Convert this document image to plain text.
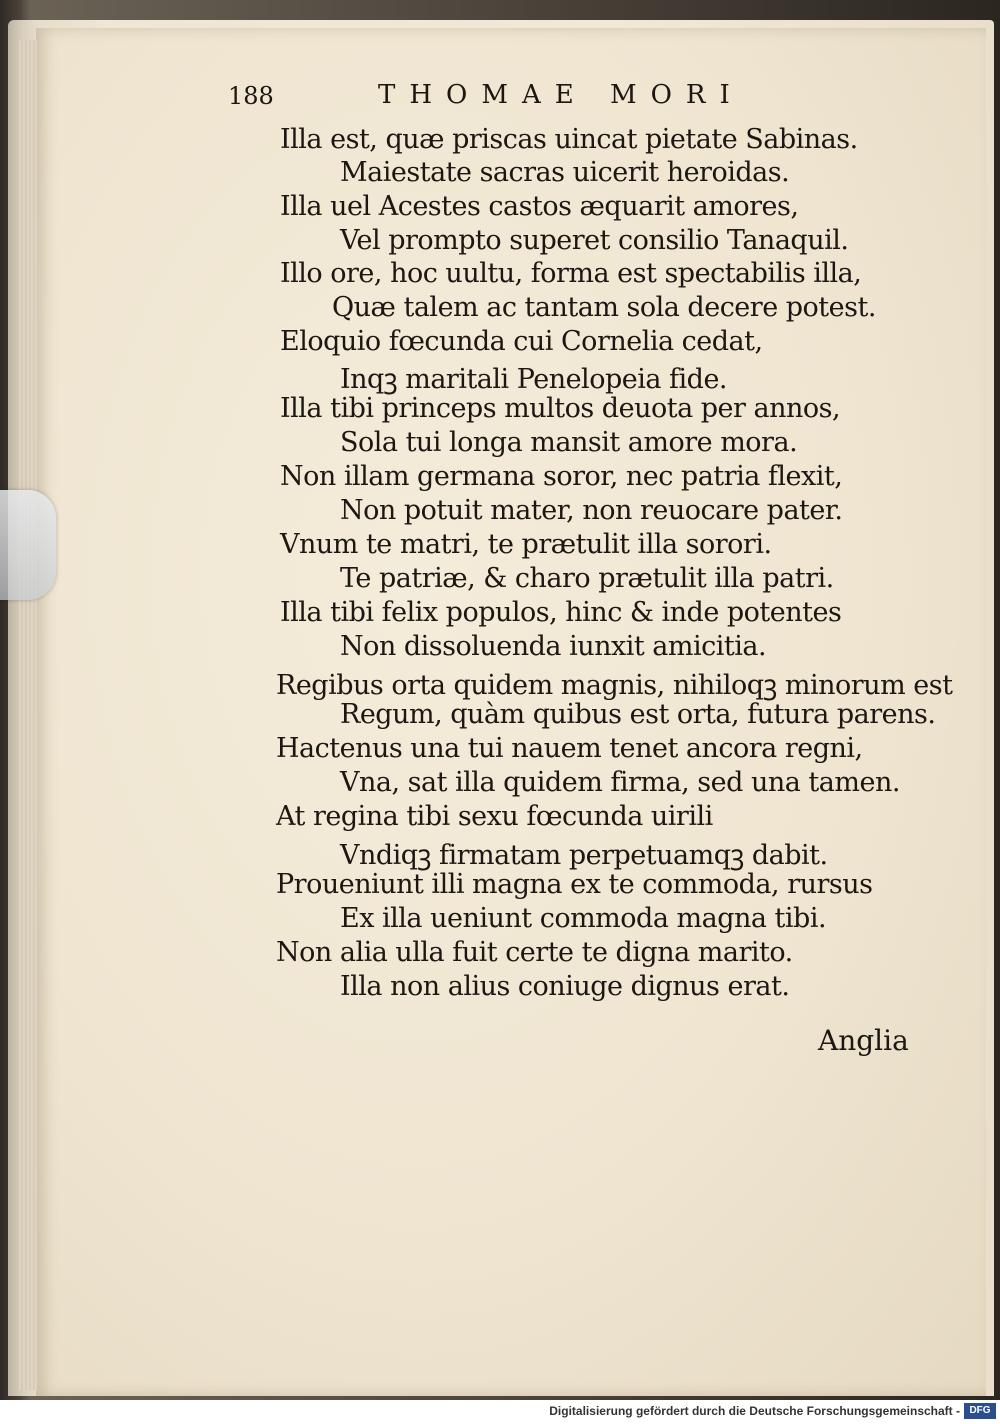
188	THOMAE MORI
Illa est, quæ priscas uincat pietate Sabinas.
Maiestate sacras uicerit heroidas.
Illa uel Acestes castos æquarit amores,
Vel prompto superet consilio Tanaquil.
Illo ore, hoc uultu, forma est spectabilis illa,
Quæ talem ac tantam sola decere potest.
Eloquio fœcunda cui Cornelia cedat,
Inqꝫ maritali Penelopeia fide.
Illa tibi princeps multos deuota per annos,
Sola tui longa mansit amore mora.
Non illam germana soror, nec patria flexit,
Non potuit mater, non reuocare pater.
Vnum te matri, te prætulit illa sorori.
Te patriæ, & charo prætulit illa patri.
Illa tibi felix populos, hinc & inde potentes
Non dissoluenda iunxit amicitia.
Regibus orta quidem magnis, nihiloqꝫ minorum est
Regum, quàm quibus est orta, futura parens.
Hactenus una tui nauem tenet ancora regni,
Vna, sat illa quidem firma, sed una tamen.
At regina tibi sexu fœcunda uirili
Vndiqꝫ firmatam perpetuamqꝫ dabit.
Proueniunt illi magna ex te commoda, rursus
Ex illa ueniunt commoda magna tibi.
Non alia ulla fuit certe te digna marito.
Illa non alius coniuge dignus erat.
Anglia
Digitalisierung gefördert durch die Deutsche Forschungsgemeinschaft - DFG
